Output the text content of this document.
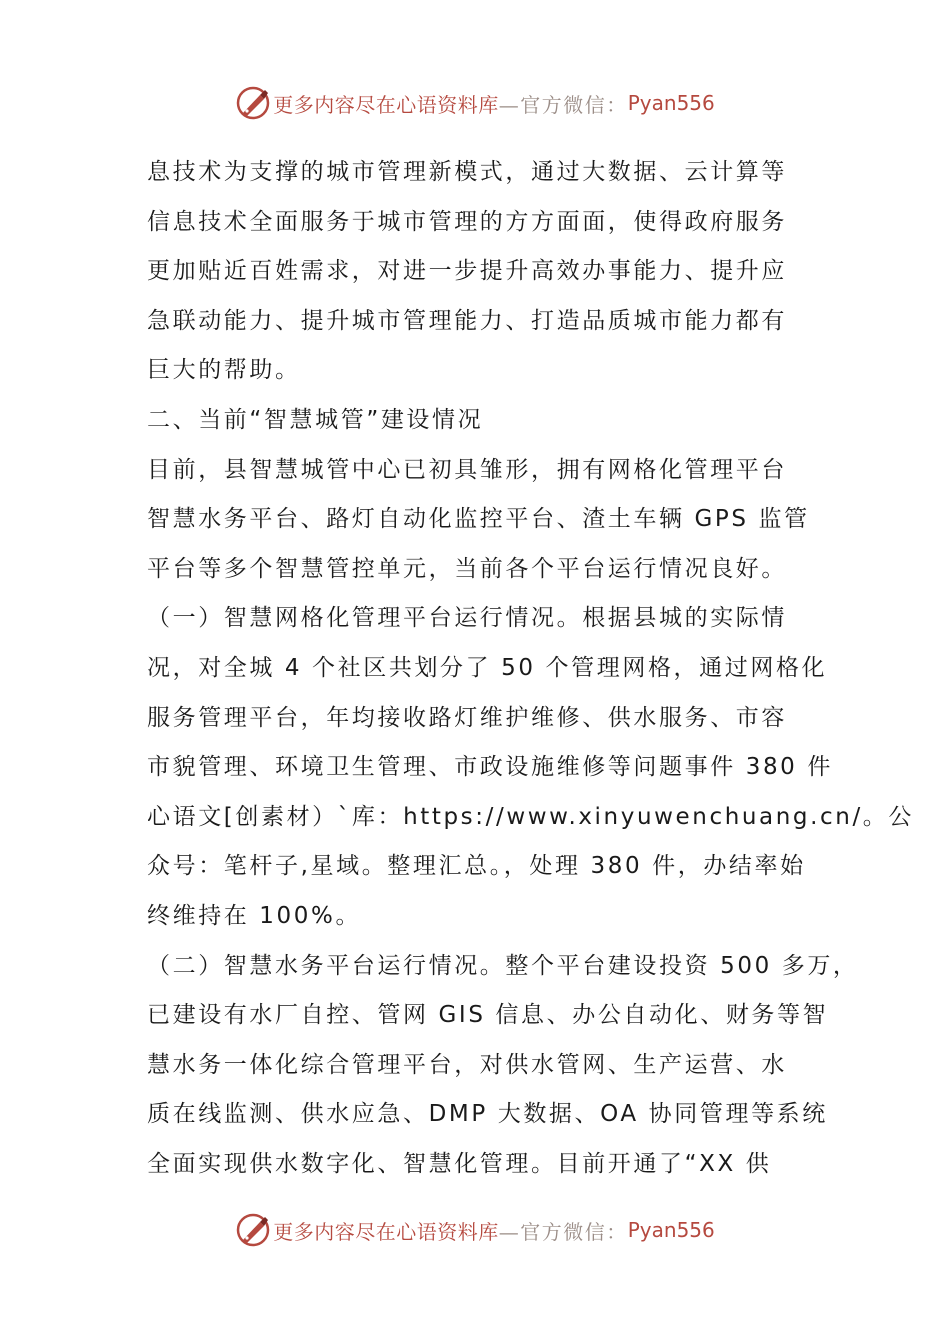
更多内容尽在心语资料库 —官方微信： Pyan556
息技术为支撑的城市管理新模式，通过大数据、云计算等
信息技术全面服务于城市管理的方方面面，使得政府服务
更加贴近百姓需求，对进一步提升高效办事能力、提升应
急联动能力、提升城市管理能力、打造品质城市能力都有
巨大的帮助。
二、当前“智慧城管”建设情况
目前，县智慧城管中心已初具雏形，拥有网格化管理平台
智慧水务平台、路灯自动化监控平台、渣土车辆 GPS 监管
平台等多个智慧管控单元，当前各个平台运行情况良好。
（一）智慧网格化管理平台运行情况。根据县城的实际情
况，对全城 4 个社区共划分了 50 个管理网格，通过网格化
服务管理平台，年均接收路灯维护维修、供水服务、市容
市貌管理、环境卫生管理、市政设施维修等问题事件 380 件
心语文[创素材）`库：https://www.xinyuwenchuang.cn/。公
众号：笔杆子,星域。整理汇总。，处理 380 件，办结率始
终维持在 100%。
（二）智慧水务平台运行情况。整个平台建设投资 500 多万，
已建设有水厂自控、管网 GIS 信息、办公自动化、财务等智
慧水务一体化综合管理平台，对供水管网、生产运营、水
质在线监测、供水应急、DMP 大数据、OA 协同管理等系统
全面实现供水数字化、智慧化管理。目前开通了“XX 供
更多内容尽在心语资料库 —官方微信： Pyan556
